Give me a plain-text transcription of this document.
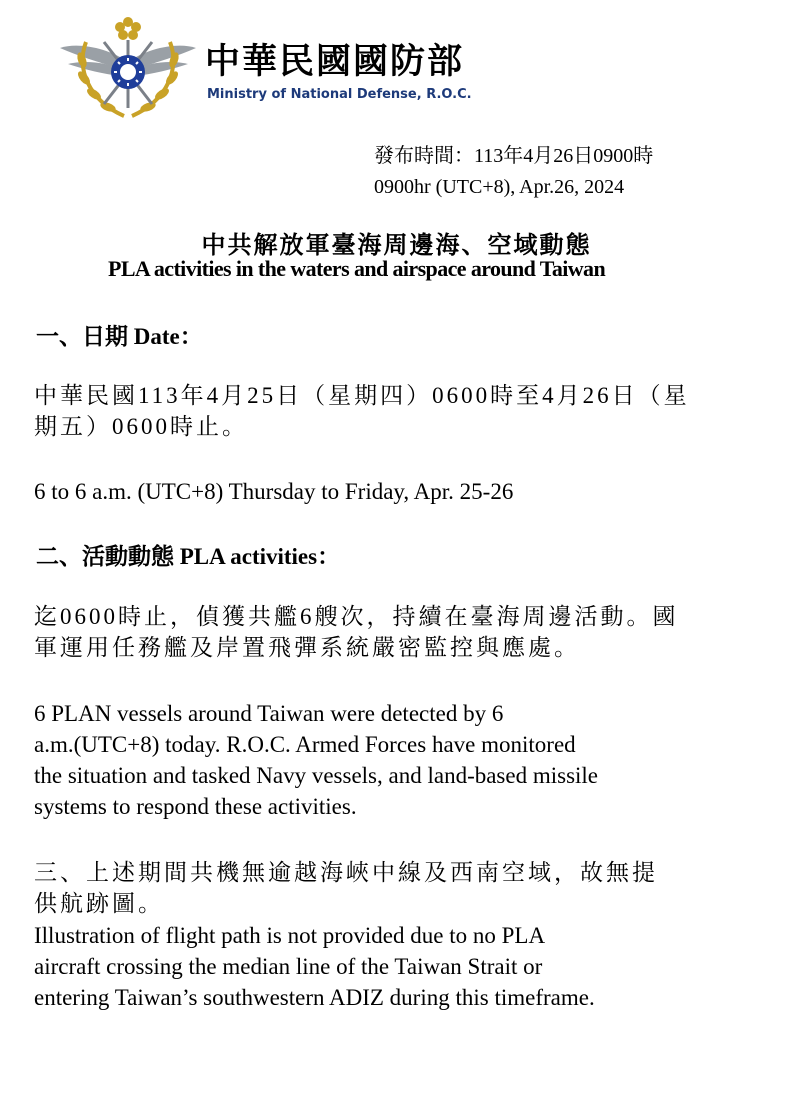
中華民國國防部
Ministry of National Defense, R.O.C.
發布時間：113年4月26日0900時
0900hr (UTC+8), Apr.26, 2024
中共解放軍臺海周邊海、空域動態
PLA activities in the waters and airspace around Taiwan
一、日期 Date：
中華民國113年4月25日（星期四）0600時至4月26日（星
期五）0600時止。
6 to 6 a.m. (UTC+8) Thursday to Friday, Apr. 25-26
二、活動動態 PLA activities：
迄0600時止，偵獲共艦6艘次，持續在臺海周邊活動。國
軍運用任務艦及岸置飛彈系統嚴密監控與應處。
6 PLAN vessels around Taiwan were detected by 6
a.m.(UTC+8) today. R.O.C. Armed Forces have monitored
the situation and tasked Navy vessels, and land-based missile
systems to respond these activities.
三、上述期間共機無逾越海峽中線及西南空域，故無提
供航跡圖。
Illustration of flight path is not provided due to no PLA
aircraft crossing the median line of the Taiwan Strait or
entering Taiwan’s southwestern ADIZ during this timeframe.
